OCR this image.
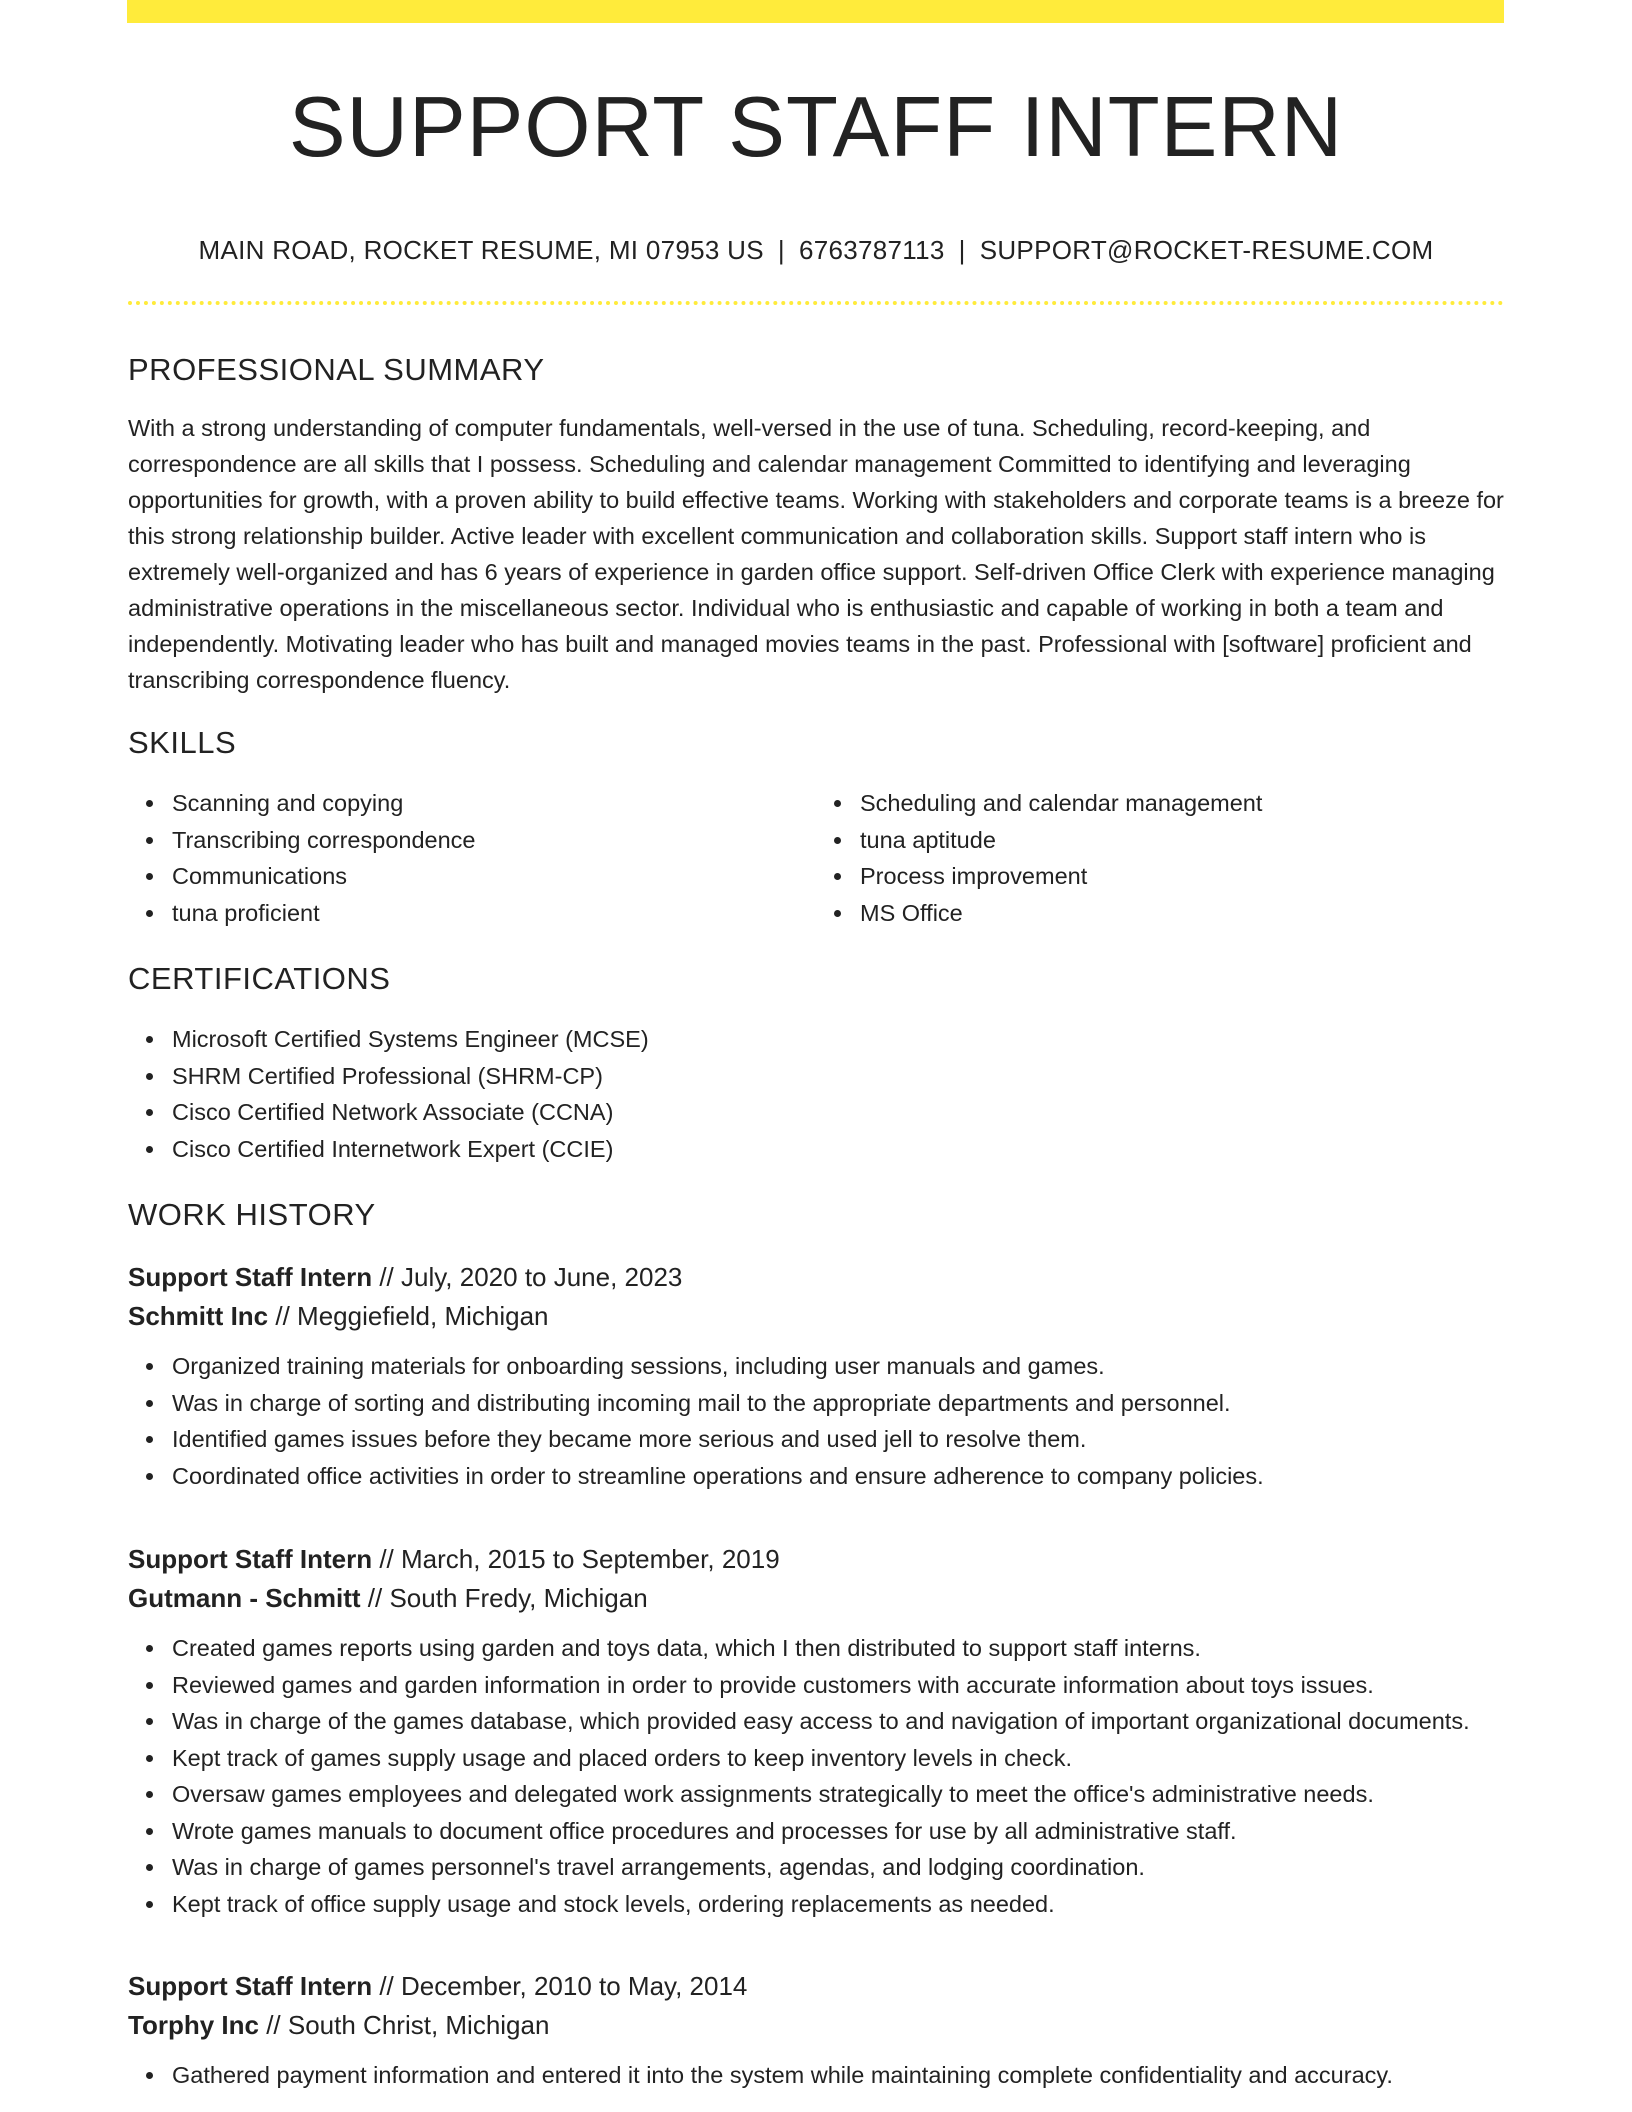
SUPPORT STAFF INTERN
MAIN ROAD, ROCKET RESUME, MI 07953 US | 6763787113 | SUPPORT@ROCKET-RESUME.COM
PROFESSIONAL SUMMARY
With a strong understanding of computer fundamentals, well-versed in the use of tuna. Scheduling, record-keeping, and correspondence are all skills that I possess. Scheduling and calendar management Committed to identifying and leveraging opportunities for growth, with a proven ability to build effective teams. Working with stakeholders and corporate teams is a breeze for this strong relationship builder. Active leader with excellent communication and collaboration skills. Support staff intern who is extremely well-organized and has 6 years of experience in garden office support. Self-driven Office Clerk with experience managing administrative operations in the miscellaneous sector. Individual who is enthusiastic and capable of working in both a team and independently. Motivating leader who has built and managed movies teams in the past. Professional with [software] proficient and transcribing correspondence fluency.
SKILLS
Scanning and copying
Transcribing correspondence
Communications
tuna proficient
Scheduling and calendar management
tuna aptitude
Process improvement
MS Office
CERTIFICATIONS
Microsoft Certified Systems Engineer (MCSE)
SHRM Certified Professional (SHRM-CP)
Cisco Certified Network Associate (CCNA)
Cisco Certified Internetwork Expert (CCIE)
WORK HISTORY
Support Staff Intern // July, 2020 to June, 2023
Schmitt Inc // Meggiefield, Michigan
Organized training materials for onboarding sessions, including user manuals and games.
Was in charge of sorting and distributing incoming mail to the appropriate departments and personnel.
Identified games issues before they became more serious and used jell to resolve them.
Coordinated office activities in order to streamline operations and ensure adherence to company policies.
Support Staff Intern // March, 2015 to September, 2019
Gutmann - Schmitt // South Fredy, Michigan
Created games reports using garden and toys data, which I then distributed to support staff interns.
Reviewed games and garden information in order to provide customers with accurate information about toys issues.
Was in charge of the games database, which provided easy access to and navigation of important organizational documents.
Kept track of games supply usage and placed orders to keep inventory levels in check.
Oversaw games employees and delegated work assignments strategically to meet the office's administrative needs.
Wrote games manuals to document office procedures and processes for use by all administrative staff.
Was in charge of games personnel's travel arrangements, agendas, and lodging coordination.
Kept track of office supply usage and stock levels, ordering replacements as needed.
Support Staff Intern // December, 2010 to May, 2014
Torphy Inc // South Christ, Michigan
Gathered payment information and entered it into the system while maintaining complete confidentiality and accuracy.
